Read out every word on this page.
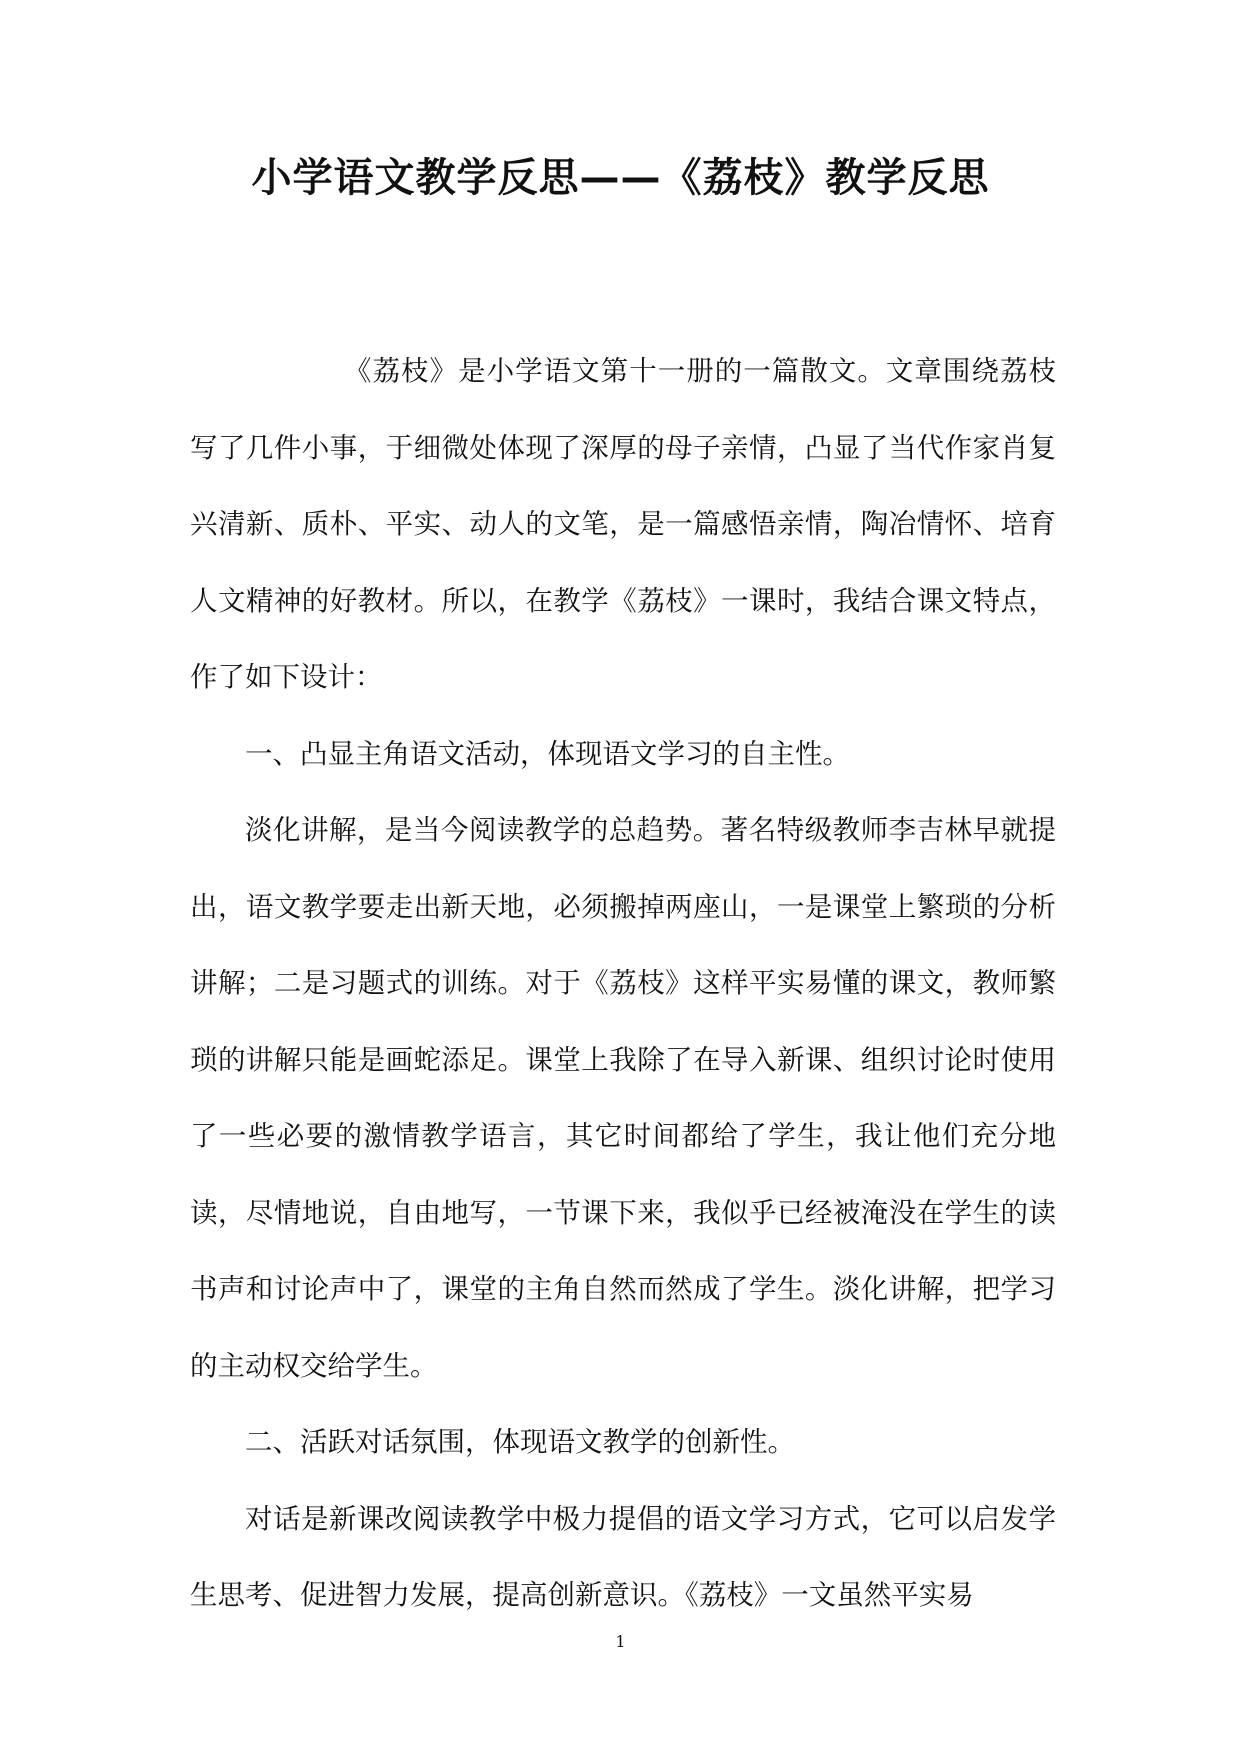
小学语文教学反思——《荔枝》教学反思

《荔枝》是小学语文第十一册的一篇散文。文章围绕荔枝写了几件小事，于细微处体现了深厚的母子亲情，凸显了当代作家肖复兴清新、质朴、平实、动人的文笔，是一篇感悟亲情，陶冶情怀、培育人文精神的好教材。所以，在教学《荔枝》一课时，我结合课文特点，作了如下设计：

一、凸显主角语文活动，体现语文学习的自主性。

淡化讲解，是当今阅读教学的总趋势。著名特级教师李吉林早就提出，语文教学要走出新天地，必须搬掉两座山，一是课堂上繁琐的分析讲解；二是习题式的训练。对于《荔枝》这样平实易懂的课文，教师繁琐的讲解只能是画蛇添足。课堂上我除了在导入新课、组织讨论时使用了一些必要的激情教学语言，其它时间都给了学生，我让他们充分地读，尽情地说，自由地写，一节课下来，我似乎已经被淹没在学生的读书声和讨论声中了，课堂的主角自然而然成了学生。淡化讲解，把学习的主动权交给学生。

二、活跃对话氛围，体现语文教学的创新性。

对话是新课改阅读教学中极力提倡的语文学习方式，它可以启发学生思考、促进智力发展，提高创新意识。《荔枝》一文虽然平实易

1
